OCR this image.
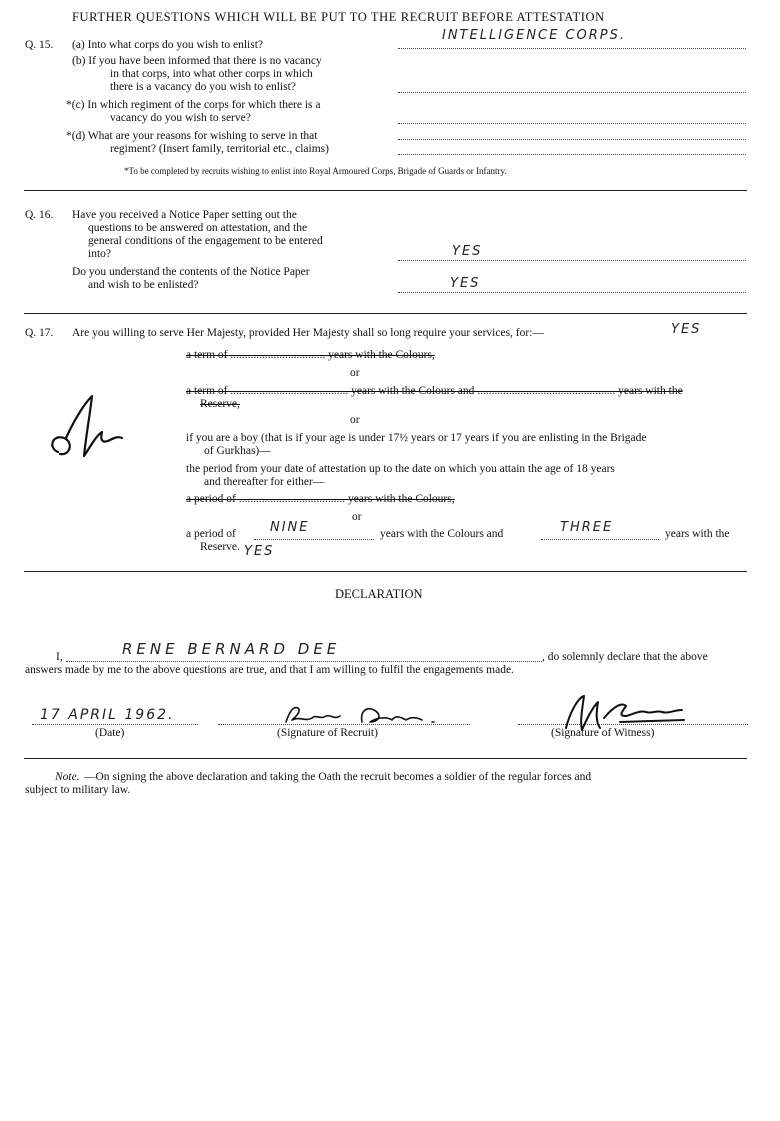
FURTHER QUESTIONS WHICH WILL BE PUT TO THE RECRUIT BEFORE ATTESTATION
Q. 15. (a) Into what corps do you wish to enlist?
INTELLIGENCE CORPS.
(b) If you have been informed that there is no vacancy
in that corps, into what other corps in which
there is a vacancy do you wish to enlist?
*(c) In which regiment of the corps for which there is a
vacancy do you wish to serve?
*(d) What are your reasons for wishing to serve in that
regiment? (Insert family, territorial etc., claims)
*To be completed by recruits wishing to enlist into Royal Armoured Corps, Brigade of Guards or Infantry.
Q. 16. Have you received a Notice Paper setting out the
questions to be answered on attestation, and the
general conditions of the engagement to be entered
into?	YES
Do you understand the contents of the Notice Paper
and wish to be enlisted?	YES
Q. 17. Are you willing to serve Her Majesty, provided Her Majesty shall so long require your services, for:—	YES
a term of ................................. years with the Colours,
or
a term of ......................................... years with the Colours and ................................................ years with the
Reserve,
or
if you are a boy (that is if your age is under 17½ years or 17 years if you are enlisting in the Brigade
of Gurkhas)—
the period from your date of attestation up to the date on which you attain the age of 18 years
and thereafter for either—
a period of ..................................... years with the Colours,
or
a period of	NINE	years with the Colours and	THREE	years with the
Reserve. YES
DECLARATION
I,	RENE BERNARD DEE	, do solemnly declare that the above
answers made by me to the above questions are true, and that I am willing to fulfil the engagements made.
17 APRIL 1962.
(Date)	(Signature of Recruit)	(Signature of Witness)
Note. —On signing the above declaration and taking the Oath the recruit becomes a soldier of the regular forces and
subject to military law.
